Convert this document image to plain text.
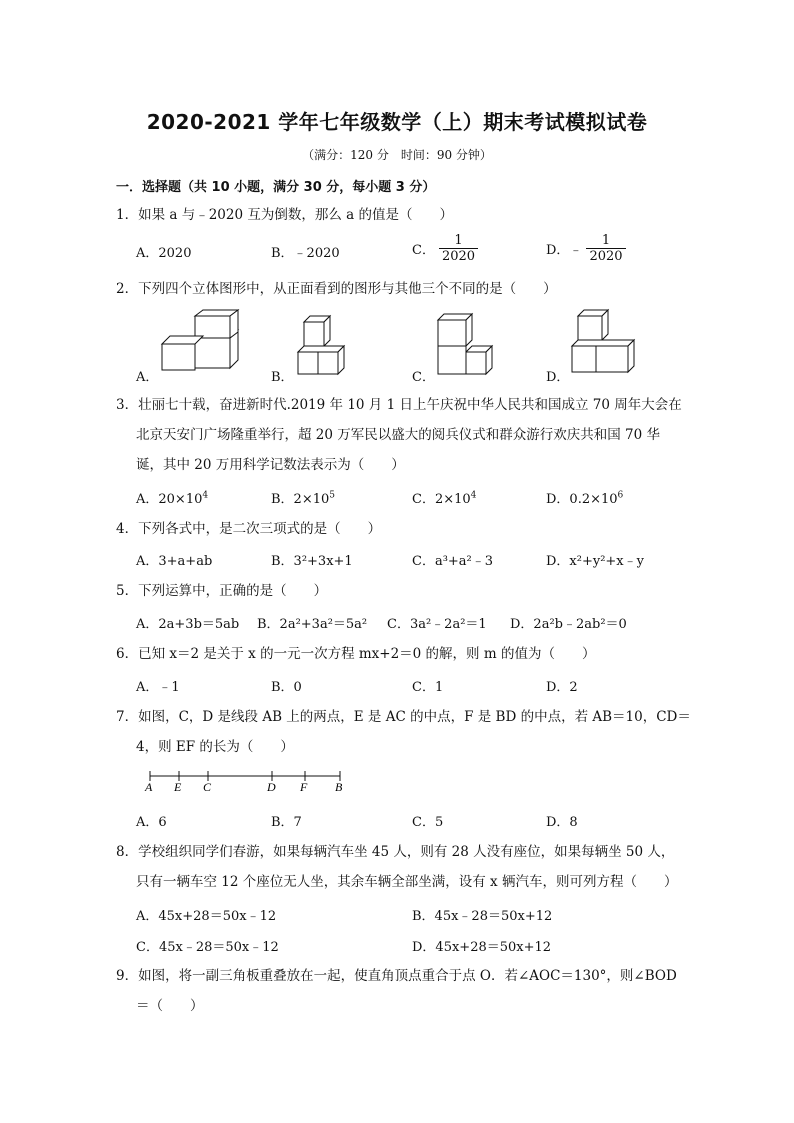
2020-2021 学年七年级数学（上）期末考试模拟试卷
（满分：120 分　时间：90 分钟）
一．选择题（共 10 小题，满分 30 分，每小题 3 分）
1．如果 a 与﹣2020 互为倒数，那么 a 的值是（　　）
A．2020	B．﹣2020	C． $\frac{1}{2020}$	D．﹣ $\frac{1}{2020}$
2．下列四个立体图形中，从正面看到的图形与其他三个不同的是（　　）
A．	B．	C．	D．
3．壮丽七十载，奋进新时代.2019 年 10 月 1 日上午庆祝中华人民共和国成立 70 周年大会在
北京天安门广场隆重举行，超 20 万军民以盛大的阅兵仪式和群众游行欢庆共和国 70 华
诞，其中 20 万用科学记数法表示为（　　）
A．$20\times 10^4$	B．$2\times 10^5$	C．$2\times 10^4$	D．$0.2\times 10^6$
4．下列各式中，是二次三项式的是（　　）
A．3+a+ab	B．3²+3x+1	C．a³+a²﹣3	D．x²+y²+x﹣y
5．下列运算中，正确的是（　　）
A．2a+3b＝5ab B．2a²+3a²＝5a² C．3a²﹣2a²＝1 D．2a²b﹣2ab²＝0
6．已知 x＝2 是关于 x 的一元一次方程 mx+2＝0 的解，则 m 的值为（　　）
A．﹣1	B．0	C．1	D．2
7．如图，C，D 是线段 AB 上的两点，E 是 AC 的中点，F 是 BD 的中点，若 AB＝10，CD＝
4，则 EF 的长为（　　）
A E C	D F B
A．6	B．7	C．5	D．8
8．学校组织同学们春游，如果每辆汽车坐 45 人，则有 28 人没有座位，如果每辆坐 50 人，
只有一辆车空 12 个座位无人坐，其余车辆全部坐满，设有 x 辆汽车，则可列方程（　　）
A．45x+28＝50x﹣12	B．45x﹣28＝50x+12
C．45x﹣28＝50x﹣12	D．45x+28＝50x+12
9．如图，将一副三角板重叠放在一起，使直角顶点重合于点 O．若∠AOC＝130°，则∠BOD
＝（　　）
